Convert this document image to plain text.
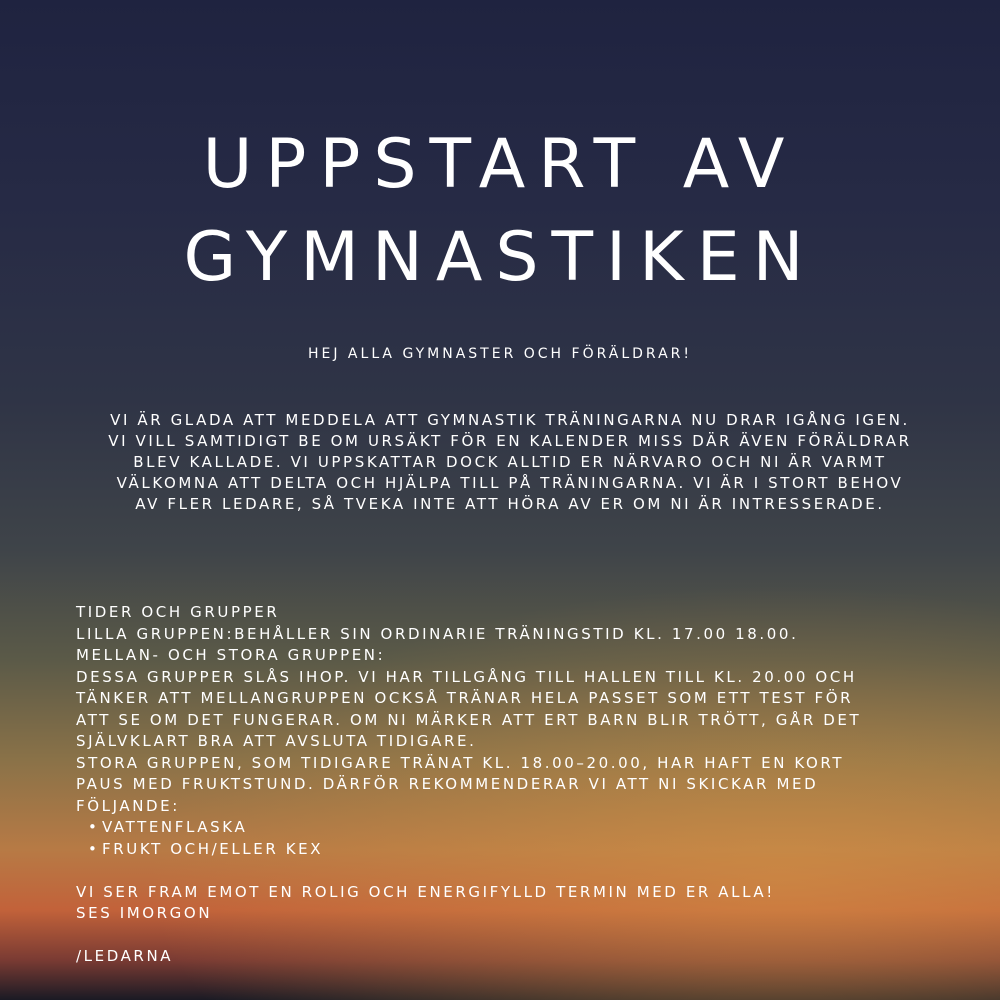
UPPSTART AV
GYMNASTIKEN

HEJ ALLA GYMNASTER OCH FÖRÄLDRAR!

VI ÄR GLADA ATT MEDDELA ATT GYMNASTIK TRÄNINGARNA NU DRAR IGÅNG IGEN.
VI VILL SAMTIDIGT BE OM URSÄKT FÖR EN KALENDER MISS DÄR ÄVEN FÖRÄLDRAR
BLEV KALLADE. VI UPPSKATTAR DOCK ALLTID ER NÄRVARO OCH NI ÄR VARMT
VÄLKOMNA ATT DELTA OCH HJÄLPA TILL PÅ TRÄNINGARNA. VI ÄR I STORT BEHOV
AV FLER LEDARE, SÅ TVEKA INTE ATT HÖRA AV ER OM NI ÄR INTRESSERADE.

TIDER OCH GRUPPER

LILLA GRUPPEN:BEHÅLLER SIN ORDINARIE TRÄNINGSTID KL. 17.00 18.00.

MELLAN- OCH STORA GRUPPEN:

DESSA GRUPPER SLÅS IHOP. VI HAR TILLGÅNG TILL HALLEN TILL KL. 20.00 OCH

TÄNKER ATT MELLANGRUPPEN OCKSÅ TRÄNAR HELA PASSET SOM ETT TEST FÖR

ATT SE OM DET FUNGERAR. OM NI MÄRKER ATT ERT BARN BLIR TRÖTT, GÅR DET

SJÄLVKLART BRA ATT AVSLUTA TIDIGARE.

STORA GRUPPEN, SOM TIDIGARE TRÄNAT KL. 18.00–20.00, HAR HAFT EN KORT

PAUS MED FRUKTSTUND. DÄRFÖR REKOMMENDERAR VI ATT NI SKICKAR MED

FÖLJANDE:

• VATTENFLASKA
• FRUKT OCH/ELLER KEX

VI SER FRAM EMOT EN ROLIG OCH ENERGIFYLLD TERMIN MED ER ALLA!

SES IMORGON

/LEDARNA
